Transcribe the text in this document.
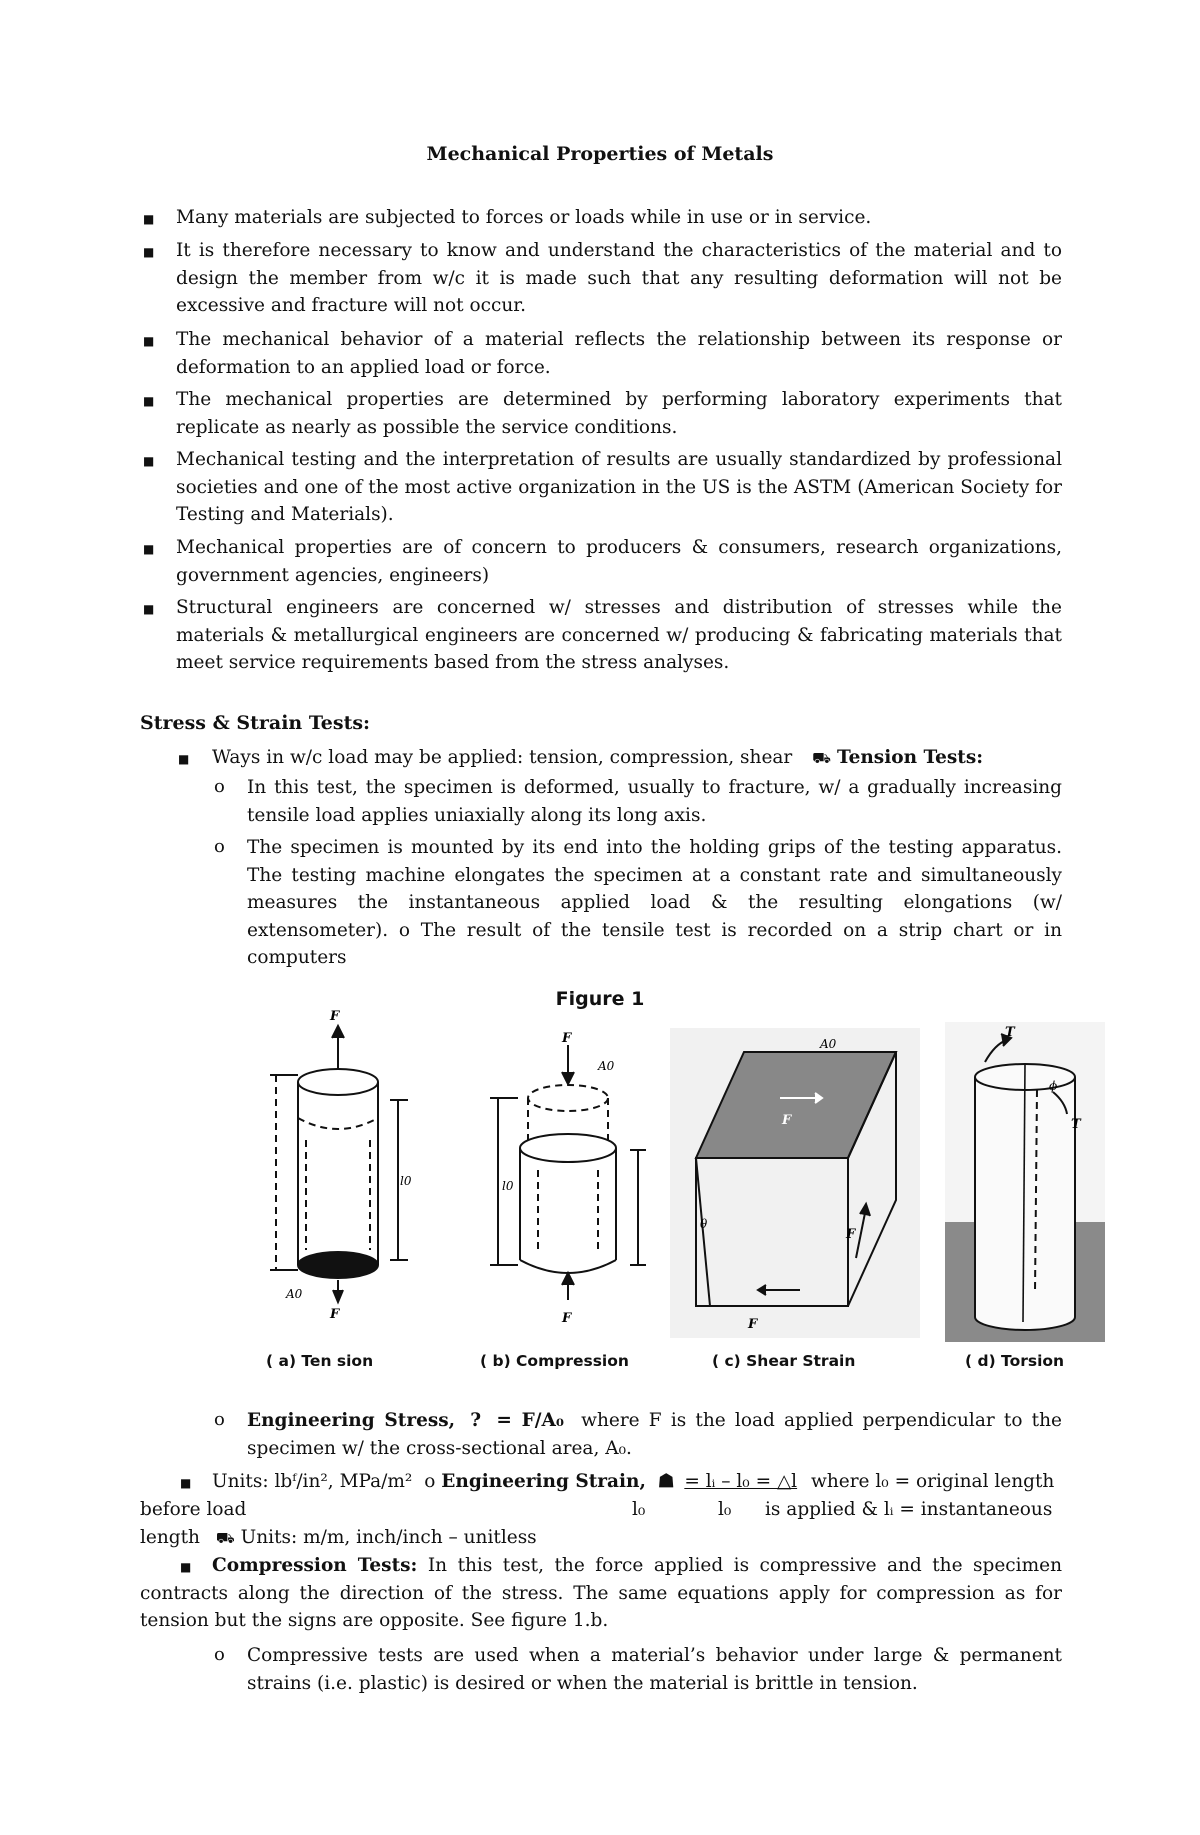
Mechanical Properties of Metals
■ Many materials are subjected to forces or loads while in use or in service.
■ It is therefore necessary to know and understand the characteristics of the material and to design the member from w/c it is made such that any resulting deformation will not be excessive and fracture will not occur.
■ The mechanical behavior of a material reflects the relationship between its response or deformation to an applied load or force.
■ The mechanical properties are determined by performing laboratory experiments that replicate as nearly as possible the service conditions.
■ Mechanical testing and the interpretation of results are usually standardized by professional societies and one of the most active organization in the US is the ASTM (American Society for Testing and Materials).
■ Mechanical properties are of concern to producers & consumers, research organizations, government agencies, engineers)
■ Structural engineers are concerned w/ stresses and distribution of stresses while the materials & metallurgical engineers are concerned w/ producing & fabricating materials that meet service requirements based from the stress analyses.
Stress & Strain Tests:
■ Ways in w/c load may be applied: tension, compression, shear ⛟ Tension Tests:
o In this test, the specimen is deformed, usually to fracture, w/ a gradually increasing tensile load applies uniaxially along its long axis.
o The specimen is mounted by its end into the holding grips of the testing apparatus. The testing machine elongates the specimen at a constant rate and simultaneously measures the instantaneous applied load & the resulting elongations (w/ extensometer). o The result of the tensile test is recorded on a strip chart or in computers
Figure 1
F
F
A0
l0
F
F
A0
l0
A0
F
F
F
θ
T
T
ϕ
( a) Ten sion	( b) Compression	( c) Shear Strain	( d) Torsion
o Engineering Stress, ? = F/A₀ where F is the load applied perpendicular to the specimen w/ the cross-sectional area, A₀.
■ Units: lbᶠ/in², MPa/m² o Engineering Strain, ☗ = lᵢ – l₀ = △l where l₀ = original length
before load	l₀	l₀ is applied & lᵢ = instantaneous
length ⛟ Units: m/m, inch/inch – unitless
■	Compression Tests: In this test, the force applied is compressive and the specimen contracts along the direction of the stress. The same equations apply for compression as for tension but the signs are opposite. See figure 1.b.
o Compressive tests are used when a material’s behavior under large & permanent strains (i.e. plastic) is desired or when the material is brittle in tension.
